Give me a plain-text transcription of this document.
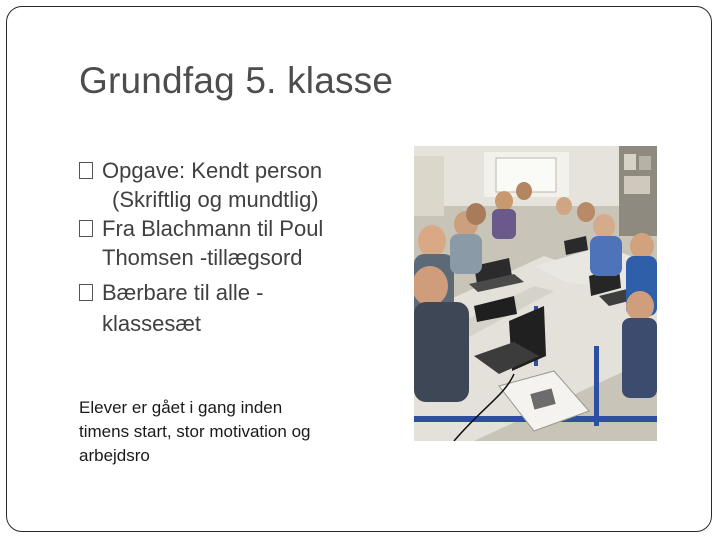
Grundfag 5. klasse
Opgave: Kendt person
(Skriftlig og mundtlig)
Fra Blachmann til Poul
Thomsen -tillægsord
Bærbare til alle -
klassesæt
Elever er gået i gang inden
timens start, stor motivation og
arbejdsro
